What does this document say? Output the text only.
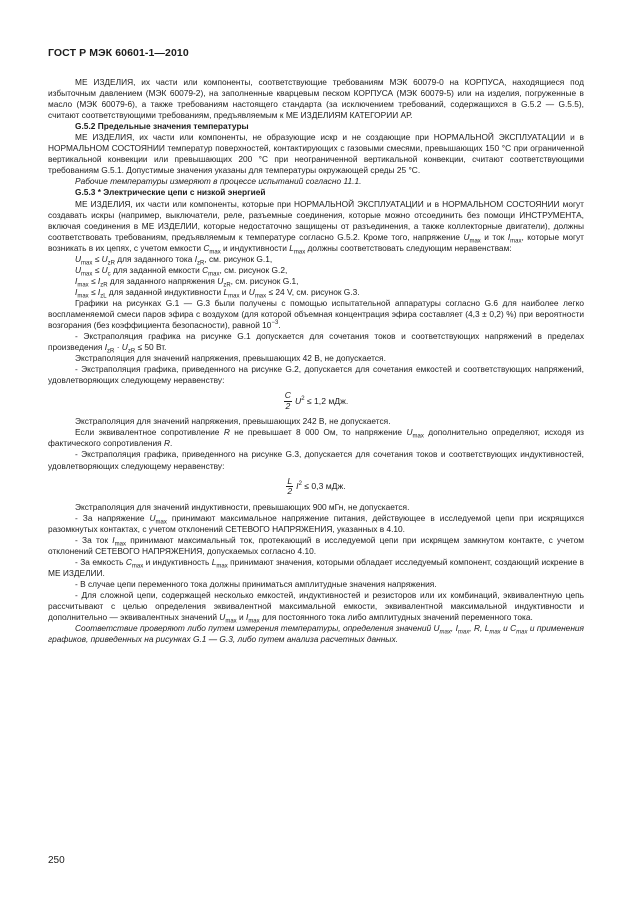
ГОСТ Р МЭК 60601-1—2010

МЕ ИЗДЕЛИЯ, их части или компоненты, соответствующие требованиям МЭК 60079-0 на КОРПУСА, находящиеся под избыточным давлением (МЭК 60079-2), на заполненные кварцевым песком КОРПУСА (МЭК 60079-5) или на изделия, погруженные в масло (МЭК 60079-6), а также требованиям настоящего стандарта (за исключением требований, содержащихся в G.5.2 — G.5.5), считают соответствующими требованиям, предъявляемым к МЕ ИЗДЕЛИЯМ КАТЕГОРИИ АР.

G.5.2 Предельные значения температуры

МЕ ИЗДЕЛИЯ, их части или компоненты, не образующие искр и не создающие при НОРМАЛЬНОЙ ЭКСПЛУАТАЦИИ и в НОРМАЛЬНОМ СОСТОЯНИИ температур поверхностей, контактирующих с газовыми смесями, превышающих 150 °С при ограниченной вертикальной конвекции или превышающих 200 °С при неограниченной вертикальной конвекции, считают соответствующими требованиям G.5.1. Допустимые значения указаны для температуры окружающей среды 25 °С.

Рабочие температуры измеряют в процессе испытаний согласно 11.1.

G.5.3 * Электрические цепи с низкой энергией

МЕ ИЗДЕЛИЯ, их части или компоненты, которые при НОРМАЛЬНОЙ ЭКСПЛУАТАЦИИ и в НОРМАЛЬНОМ СОСТОЯНИИ могут создавать искры (например, выключатели, реле, разъемные соединения, которые можно отсоединить без помощи ИНСТРУМЕНТА, включая соединения в МЕ ИЗДЕЛИИ, которые недостаточно защищены от разъединения, а также коллекторные двигатели), должны соответствовать требованиям, предъявляемым к температуре согласно G.5.2. Кроме того, напряжение $U_{max}$ и ток $I_{max}$, которые могут возникать в их цепях, с учетом емкости $C_{max}$ и индуктивности $L_{max}$ должны соответствовать следующим неравенствам:

$U_{max} \le U_{zR}$ для заданного тока $I_{zR}$, см. рисунок G.1,

$U_{max} \le U_c$ для заданной емкости $C_{max}$, см. рисунок G.2,

$I_{max} \le I_{zR}$ для заданного напряжения $U_{zR}$, см. рисунок G.1,

$I_{max} \le I_{zL}$ для заданной индуктивности $L_{max}$ и $U_{max} \le 24$ V, см. рисунок G.3.

Графики на рисунках G.1 — G.3 были получены с помощью испытательной аппаратуры согласно G.6 для наиболее легко воспламеняемой смеси паров эфира с воздухом (для которой объемная концентрация эфира составляет (4,3 ± 0,2) %) при вероятности возгорания (без коэффициента безопасности), равной $10^{-3}$.

- Экстраполяция графика на рисунке G.1 допускается для сочетания токов и соответствующих напряжений в пределах произведения $I_{zR} \cdot U_{zR} \le 50$ Вт.

Экстраполяция для значений напряжения, превышающих 42 В, не допускается.

- Экстраполяция графика, приведенного на рисунке G.2, допускается для сочетания емкостей и соответствующих напряжений, удовлетворяющих следующему неравенству:

$\frac{C}{2} U^2 \le 1,2$ мДж.

Экстраполяция для значений напряжения, превышающих 242 В, не допускается.

Если эквивалентное сопротивление R не превышает 8 000 Ом, то напряжение $U_{max}$ дополнительно определяют, исходя из фактического сопротивления R.

- Экстраполяция графика, приведенного на рисунке G.3, допускается для сочетания токов и соответствующих индуктивностей, удовлетворяющих следующему неравенству:

$\frac{L}{2} I^2 \le 0,3$ мДж.

Экстраполяция для значений индуктивности, превышающих 900 мГн, не допускается.

- За напряжение $U_{max}$ принимают максимальное напряжение питания, действующее в исследуемой цепи при искрящихся разомкнутых контактах, с учетом отклонений СЕТЕВОГО НАПРЯЖЕНИЯ, указанных в 4.10.

- За ток $I_{max}$ принимают максимальный ток, протекающий в исследуемой цепи при искрящем замкнутом контакте, с учетом отклонений СЕТЕВОГО НАПРЯЖЕНИЯ, допускаемых согласно 4.10.

- За емкость $C_{max}$ и индуктивность $L_{max}$ принимают значения, которыми обладает исследуемый компонент, создающий искрение в МЕ ИЗДЕЛИИ.

- В случае цепи переменного тока должны приниматься амплитудные значения напряжения.

- Для сложной цепи, содержащей несколько емкостей, индуктивностей и резисторов или их комбинаций, эквивалентную цепь рассчитывают с целью определения эквивалентной максимальной емкости, эквивалентной максимальной индуктивности и дополнительно — эквивалентных значений $U_{max}$ и $I_{max}$ для постоянного тока либо амплитудных значений переменного тока.

Соответствие проверяют либо путем измерения температуры, определения значений $U_{max}$, $I_{max}$, R, $L_{max}$ и $C_{max}$ и применения графиков, приведенных на рисунках G.1 — G.3, либо путем анализа расчетных данных.

250
